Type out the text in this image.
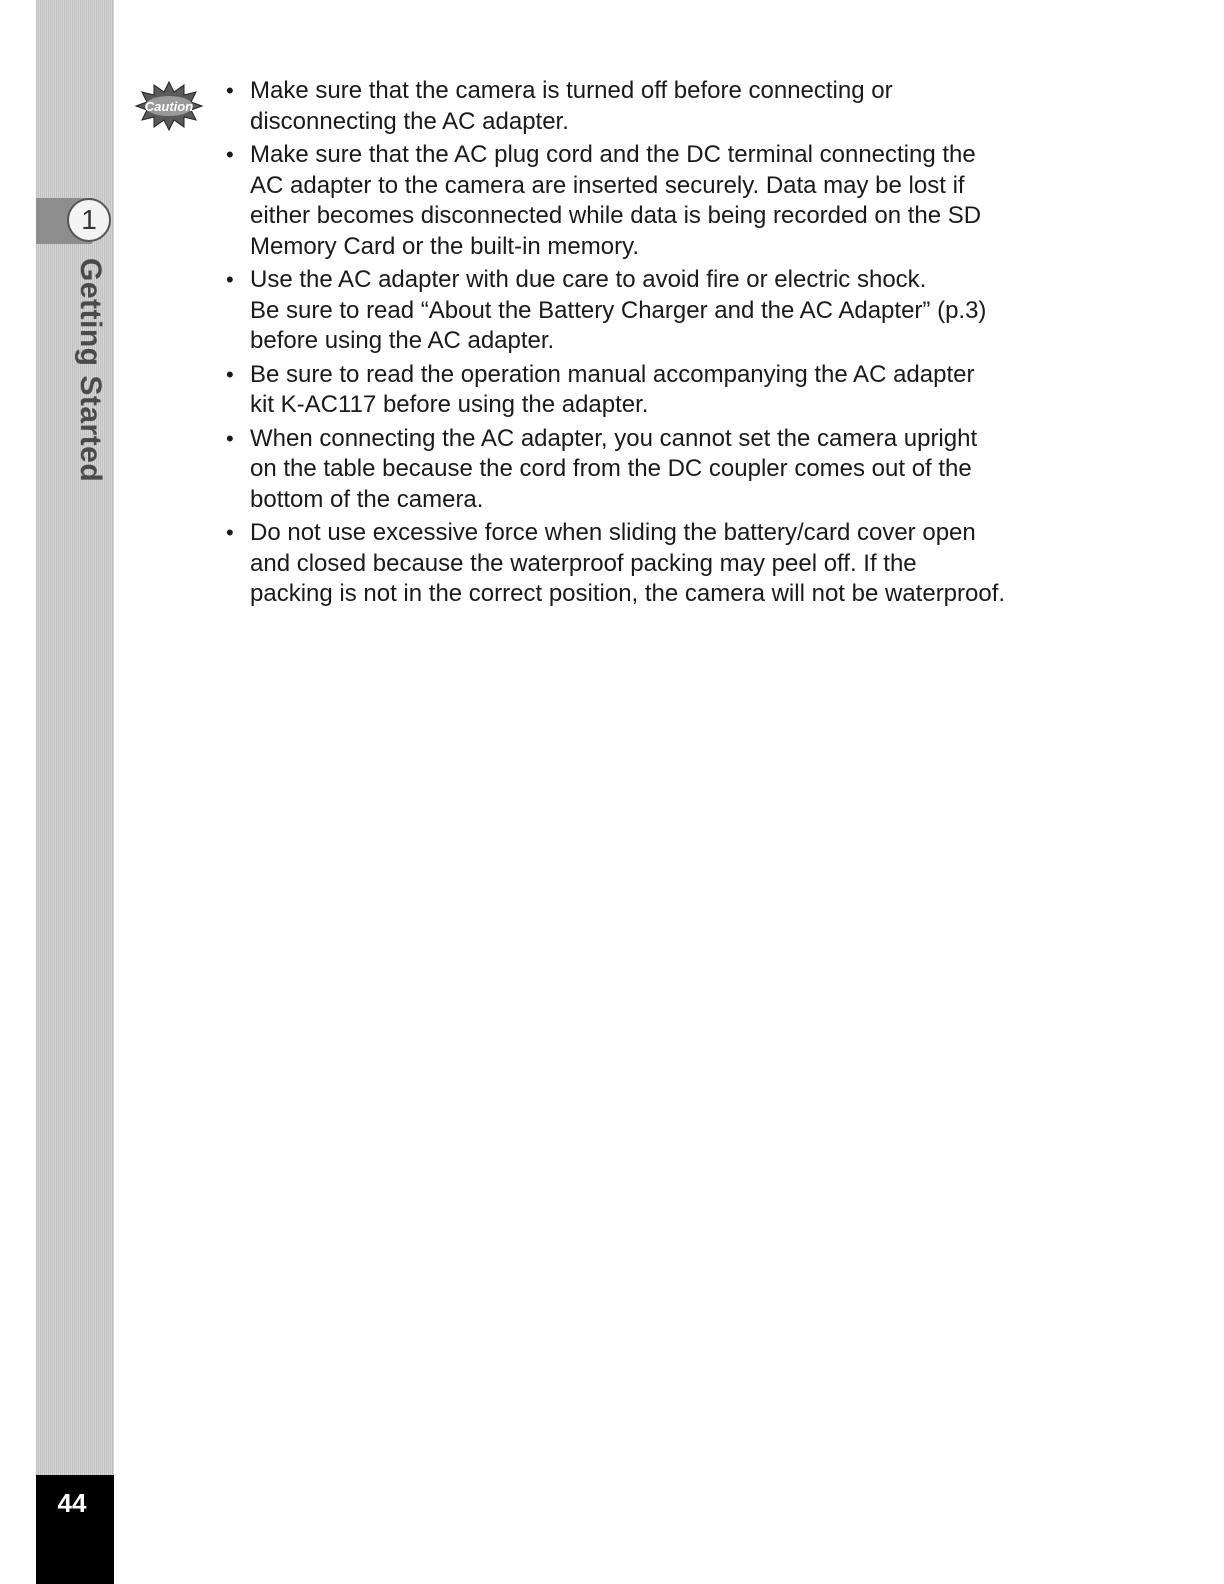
1
Getting Started
44
Caution
• Make sure that the camera is turned off before connecting or
disconnecting the AC adapter.
• Make sure that the AC plug cord and the DC terminal connecting the
AC adapter to the camera are inserted securely. Data may be lost if
either becomes disconnected while data is being recorded on the SD
Memory Card or the built-in memory.
• Use the AC adapter with due care to avoid fire or electric shock.
Be sure to read “About the Battery Charger and the AC Adapter” (p.3)
before using the AC adapter.
• Be sure to read the operation manual accompanying the AC adapter
kit K-AC117 before using the adapter.
• When connecting the AC adapter, you cannot set the camera upright
on the table because the cord from the DC coupler comes out of the
bottom of the camera.
• Do not use excessive force when sliding the battery/card cover open
and closed because the waterproof packing may peel off. If the
packing is not in the correct position, the camera will not be waterproof.
